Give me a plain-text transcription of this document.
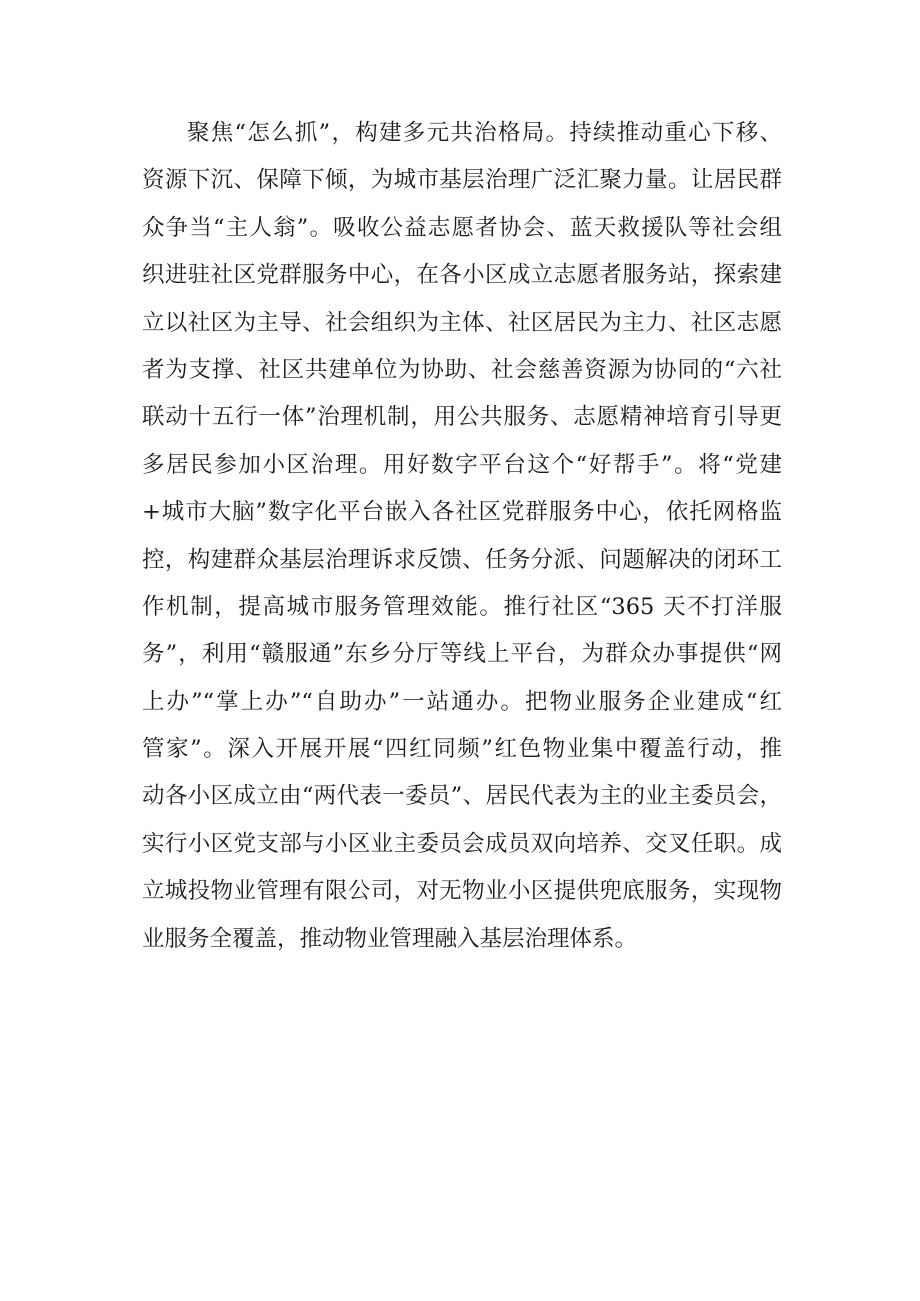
聚焦“怎么抓”，构建多元共治格局。持续推动重心下移、
资源下沉、保障下倾，为城市基层治理广泛汇聚力量。让居民群
众争当“主人翁”。吸收公益志愿者协会、蓝天救援队等社会组
织进驻社区党群服务中心，在各小区成立志愿者服务站，探索建
立以社区为主导、社会组织为主体、社区居民为主力、社区志愿
者为支撑、社区共建单位为协助、社会慈善资源为协同的“六社
联动十五行一体”治理机制，用公共服务、志愿精神培育引导更
多居民参加小区治理。用好数字平台这个“好帮手”。将“党建
+城市大脑”数字化平台嵌入各社区党群服务中心，依托网格监
控，构建群众基层治理诉求反馈、任务分派、问题解决的闭环工
作机制，提高城市服务管理效能。推行社区“365 天不打洋服
务”，利用“赣服通”东乡分厅等线上平台，为群众办事提供“网
上办”“掌上办”“自助办”一站通办。把物业服务企业建成“红
管家”。深入开展开展“四红同频”红色物业集中覆盖行动，推
动各小区成立由“两代表一委员”、居民代表为主的业主委员会，
实行小区党支部与小区业主委员会成员双向培养、交叉任职。成
立城投物业管理有限公司，对无物业小区提供兜底服务，实现物
业服务全覆盖，推动物业管理融入基层治理体系。
